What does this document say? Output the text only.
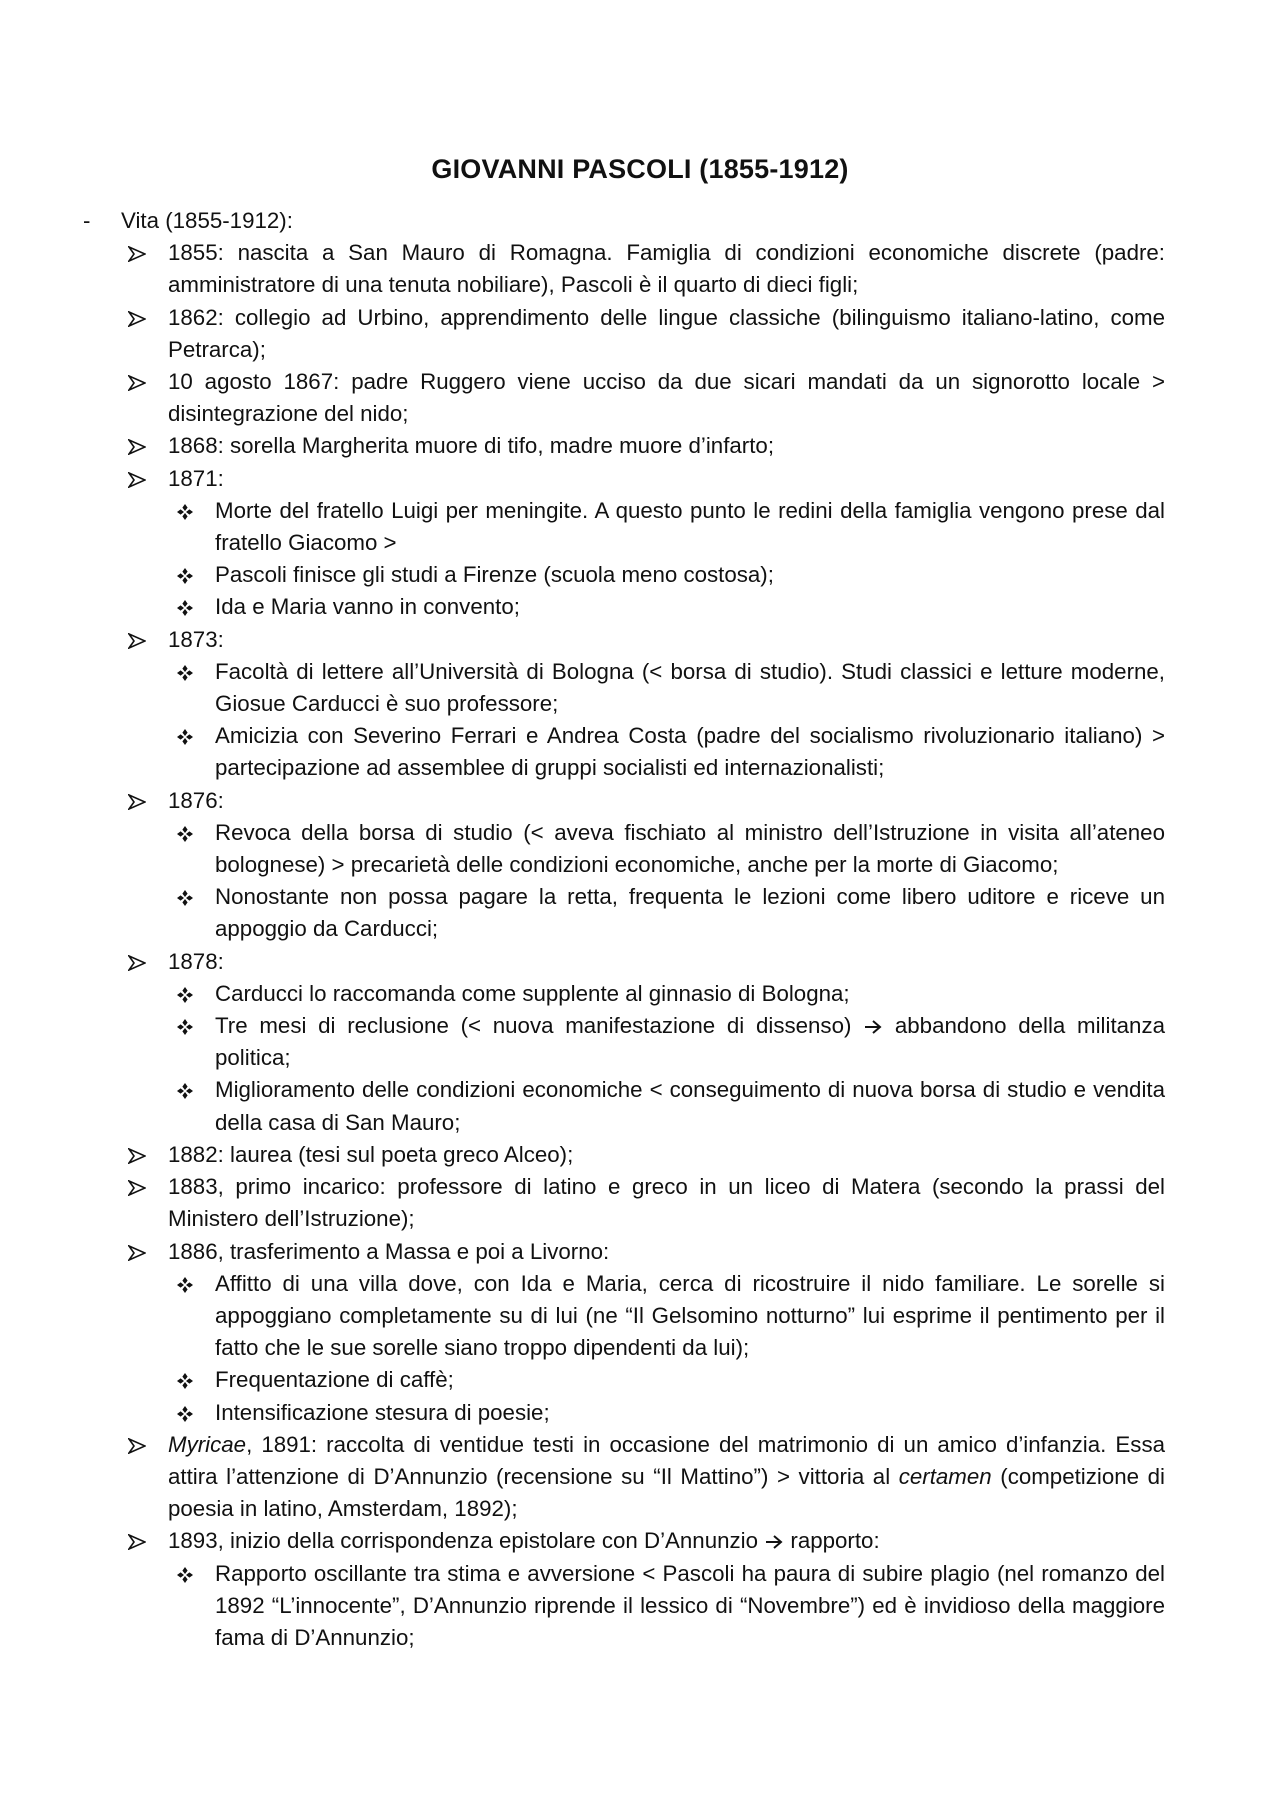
GIOVANNI PASCOLI (1855-1912)
- Vita (1855-1912):
1855: nascita a San Mauro di Romagna. Famiglia di condizioni economiche discrete (padre: amministratore di una tenuta nobiliare), Pascoli è il quarto di dieci figli;
1862: collegio ad Urbino, apprendimento delle lingue classiche (bilinguismo italiano-latino, come Petrarca);
10 agosto 1867: padre Ruggero viene ucciso da due sicari mandati da un signorotto locale > disintegrazione del nido;
1868: sorella Margherita muore di tifo, madre muore d’infarto;
1871:
Morte del fratello Luigi per meningite. A questo punto le redini della famiglia vengono prese dal fratello Giacomo >
Pascoli finisce gli studi a Firenze (scuola meno costosa);
Ida e Maria vanno in convento;
1873:
Facoltà di lettere all’Università di Bologna (< borsa di studio). Studi classici e letture moderne, Giosue Carducci è suo professore;
Amicizia con Severino Ferrari e Andrea Costa (padre del socialismo rivoluzionario italiano) > partecipazione ad assemblee di gruppi socialisti ed internazionalisti;
1876:
Revoca della borsa di studio (< aveva fischiato al ministro dell’Istruzione in visita all’ateneo bolognese) > precarietà delle condizioni economiche, anche per la morte di Giacomo;
Nonostante non possa pagare la retta, frequenta le lezioni come libero uditore e riceve un appoggio da Carducci;
1878:
Carducci lo raccomanda come supplente al ginnasio di Bologna;
Tre mesi di reclusione (< nuova manifestazione di dissenso)  abbandono della militanza politica;
Miglioramento delle condizioni economiche < conseguimento di nuova borsa di studio e vendita della casa di San Mauro;
1882: laurea (tesi sul poeta greco Alceo);
1883, primo incarico: professore di latino e greco in un liceo di Matera (secondo la prassi del Ministero dell’Istruzione);
1886, trasferimento a Massa e poi a Livorno:
Affitto di una villa dove, con Ida e Maria, cerca di ricostruire il nido familiare. Le sorelle si appoggiano completamente su di lui (ne “Il Gelsomino notturno” lui esprime il pentimento per il fatto che le sue sorelle siano troppo dipendenti da lui);
Frequentazione di caffè;
Intensificazione stesura di poesie;
Myricae, 1891: raccolta di ventidue testi in occasione del matrimonio di un amico d’infanzia. Essa attira l’attenzione di D’Annunzio (recensione su “Il Mattino”) > vittoria al certamen (competizione di poesia in latino, Amsterdam, 1892);
1893, inizio della corrispondenza epistolare con D’Annunzio  rapporto:
Rapporto oscillante tra stima e avversione < Pascoli ha paura di subire plagio (nel romanzo del 1892 “L’innocente”, D’Annunzio riprende il lessico di “Novembre”) ed è invidioso della maggiore fama di D’Annunzio;
